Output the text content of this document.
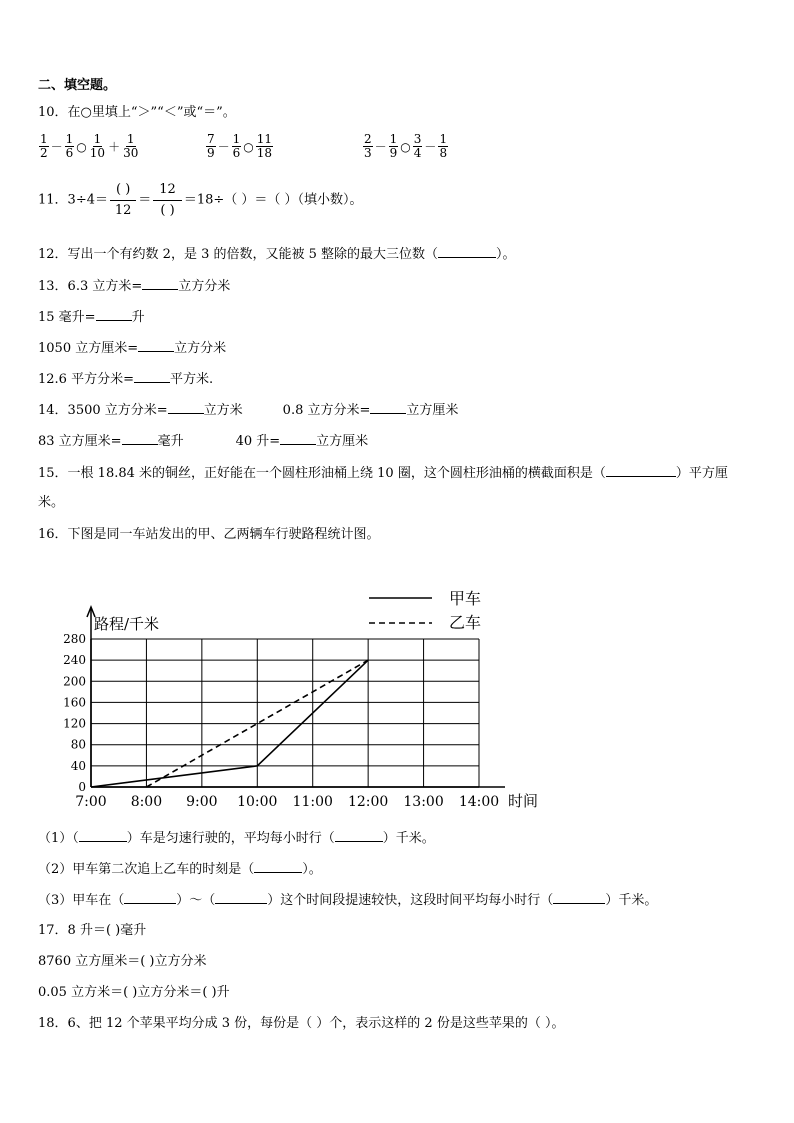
二、填空题。
10．在○里填上“＞”“＜”或“＝”。
$\frac{1}{2} - \frac{1}{6}$ ○ $\frac{1}{10} + \frac{1}{30}$	$\frac{7}{9} - \frac{1}{6}$ ○ $\frac{11}{18}$	$\frac{2}{3} - \frac{1}{9}$ ○ $\frac{3}{4} - \frac{1}{8}$
11．$3\div 4= \frac{( )}{12} = \frac{12}{( )} =18\div$（ ）＝（ ）（填小数）。
12．写出一个有约数 2，是 3 的倍数，又能被 5 整除的最大三位数（	）。
13．6.3 立方米=	立方分米
15 毫升=	升
1050 立方厘米=	立方分米
12.6 平方分米=	平方米.
14．3500 立方分米=	立方米	0.8 立方分米=	立方厘米
83 立方厘米=	毫升	40 升=	立方厘米
15．一根 18.84 米的铜丝，正好能在一个圆柱形油桶上绕 10 圈，这个圆柱形油桶的横截面积是（	）平方厘
米。
16．下图是同一车站发出的甲、乙两辆车行驶路程统计图。
0
40
80
120
160
200
240
280
7:00 8:00 9:00 10:00 11:00 12:00 13:00 14:00
路程/千米
时间
甲车
乙车
（1）（	）车是匀速行驶的，平均每小时行（	）千米。
（2）甲车第二次追上乙车的时刻是（	）。
（3）甲车在（	）～（	）这个时间段提速较快，这段时间平均每小时行（	）千米。
17．8 升＝( )毫升
8760 立方厘米＝( )立方分米
0.05 立方米＝( )立方分米＝( )升
18．6、把 12 个苹果平均分成 3 份，每份是（ ）个，表示这样的 2 份是这些苹果的（ ）。
